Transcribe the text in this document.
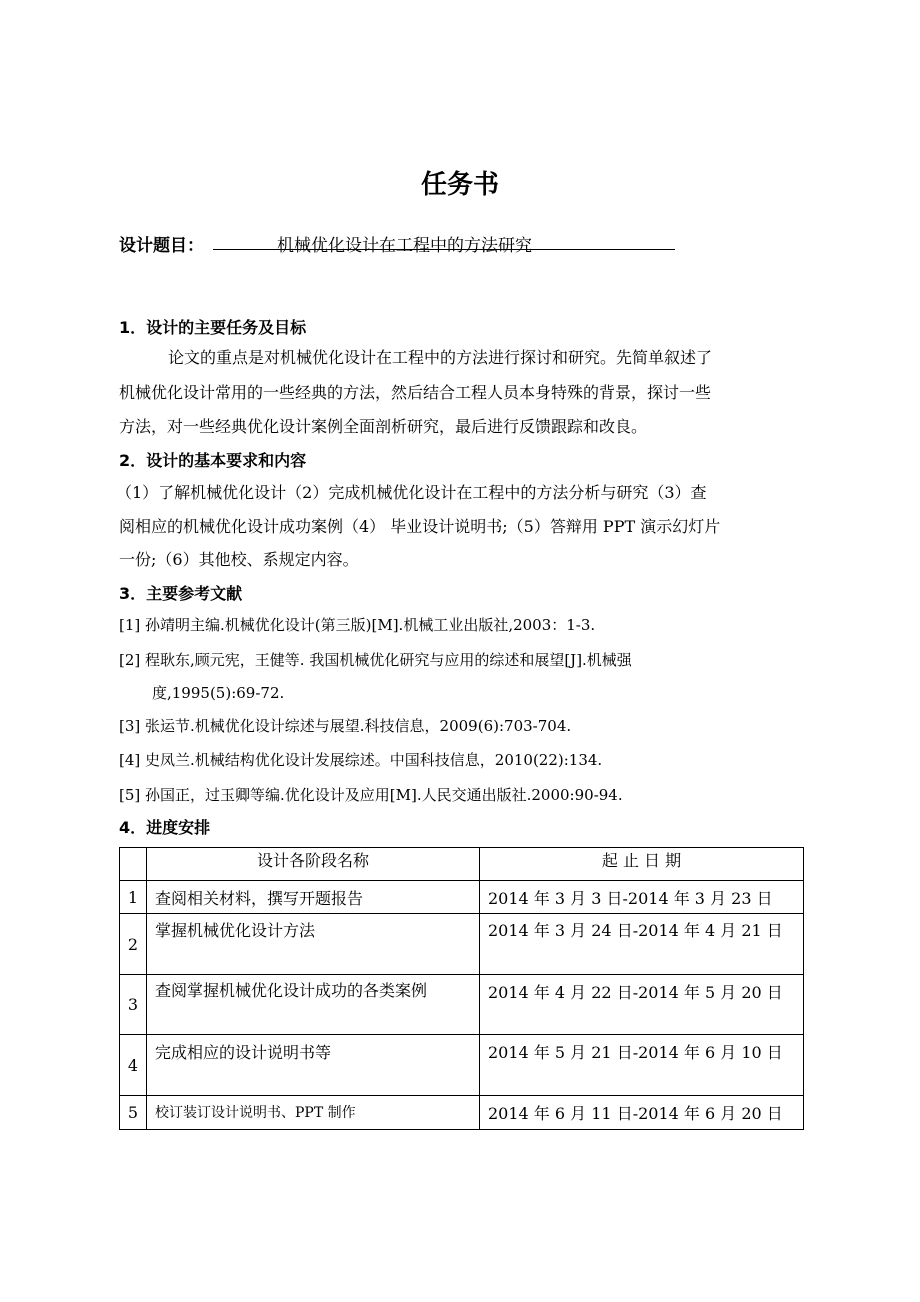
任务书
设计题目：	机械优化设计在工程中的方法研究
1．设计的主要任务及目标
论文的重点是对机械优化设计在工程中的方法进行探讨和研究。先简单叙述了
机械优化设计常用的一些经典的方法，然后结合工程人员本身特殊的背景，探讨一些
方法，对一些经典优化设计案例全面剖析研究，最后进行反馈跟踪和改良。
2．设计的基本要求和内容
（1）了解机械优化设计（2）完成机械优化设计在工程中的方法分析与研究（3）查
阅相应的机械优化设计成功案例（4） 毕业设计说明书;（5）答辩用 PPT 演示幻灯片
一份;（6）其他校、系规定内容。
3．主要参考文献
[1] 孙靖明主编.机械优化设计(第三版)[M].机械工业出版社,2003：1-3.
[2] 程耿东,顾元宪，王健等. 我国机械优化研究与应用的综述和展望[J].机械强
度,1995(5):69-72.
[3] 张运节.机械优化设计综述与展望.科技信息，2009(6):703-704.
[4] 史凤兰.机械结构优化设计发展综述。中国科技信息，2010(22):134.
[5] 孙国正，过玉卿等编.优化设计及应用[M].人民交通出版社.2000:90-94.
4．进度安排
	设计各阶段名称	起 止 日 期
1	查阅相关材料，撰写开题报告	2014 年 3 月 3 日-2014 年 3 月 23 日
2	掌握机械优化设计方法	2014 年 3 月 24 日-2014 年 4 月 21 日
3	查阅掌握机械优化设计成功的各类案例	2014 年 4 月 22 日-2014 年 5 月 20 日
4	完成相应的设计说明书等	2014 年 5 月 21 日-2014 年 6 月 10 日
5	校订装订设计说明书、PPT 制作	2014 年 6 月 11 日-2014 年 6 月 20 日
